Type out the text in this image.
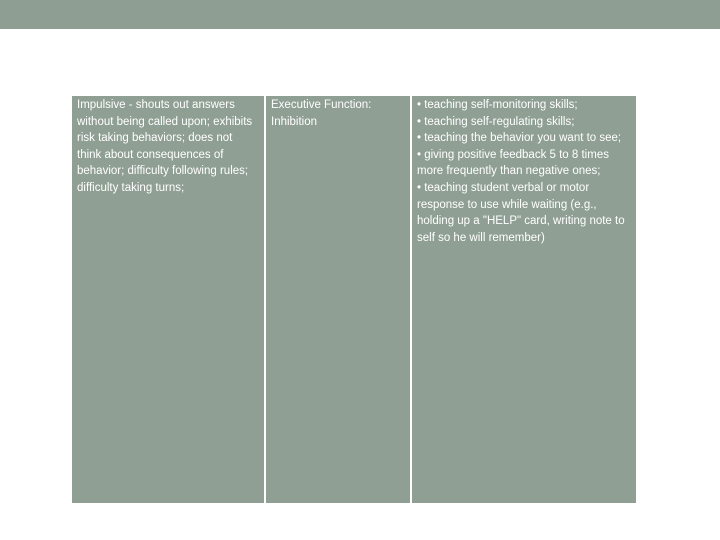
Impulsive - shouts out answers without being called upon; exhibits risk taking behaviors; does not think about consequences of behavior; difficulty following rules; difficulty taking turns;

Executive Function: Inhibition

• teaching self-monitoring skills;

• teaching self-regulating skills;

• teaching the behavior you want to see;

• giving positive feedback 5 to 8 times more frequently than negative ones;

• teaching student verbal or motor response to use while waiting (e.g., holding up a "HELP" card, writing note to self so he will remember)
